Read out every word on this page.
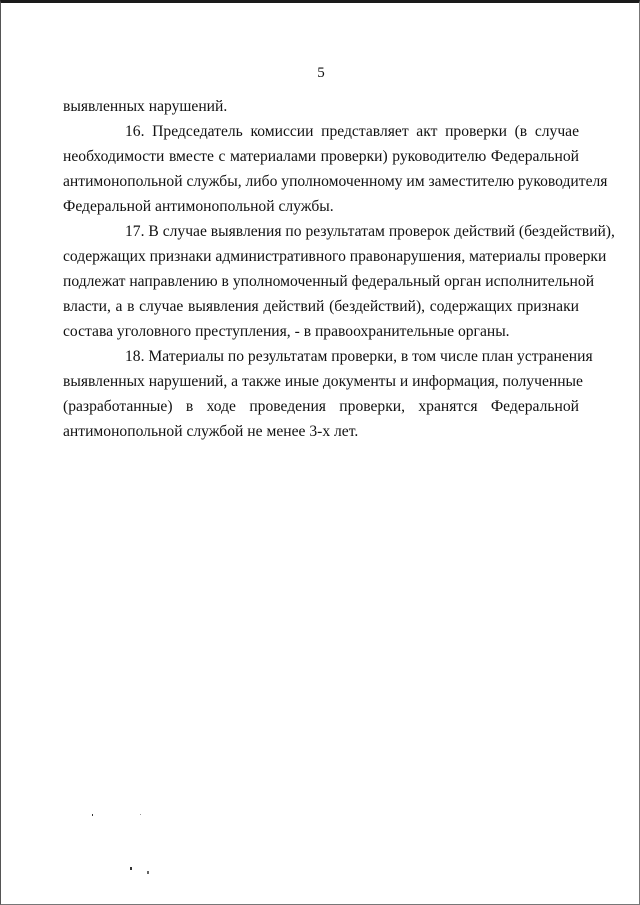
5
выявленных нарушений.
16. Председатель комиссии представляет акт проверки (в случае
необходимости вместе с материалами проверки) руководителю Федеральной
антимонопольной службы, либо уполномоченному им заместителю руководителя
Федеральной антимонопольной службы.
17. В случае выявления по результатам проверок действий (бездействий),
содержащих признаки административного правонарушения, материалы проверки
подлежат направлению в уполномоченный федеральный орган исполнительной
власти, а в случае выявления действий (бездействий), содержащих признаки
состава уголовного преступления, - в правоохранительные органы.
18. Материалы по результатам проверки, в том числе план устранения
выявленных нарушений, а также иные документы и информация, полученные
(разработанные) в ходе проведения проверки, хранятся Федеральной
антимонопольной службой не менее 3-х лет.
